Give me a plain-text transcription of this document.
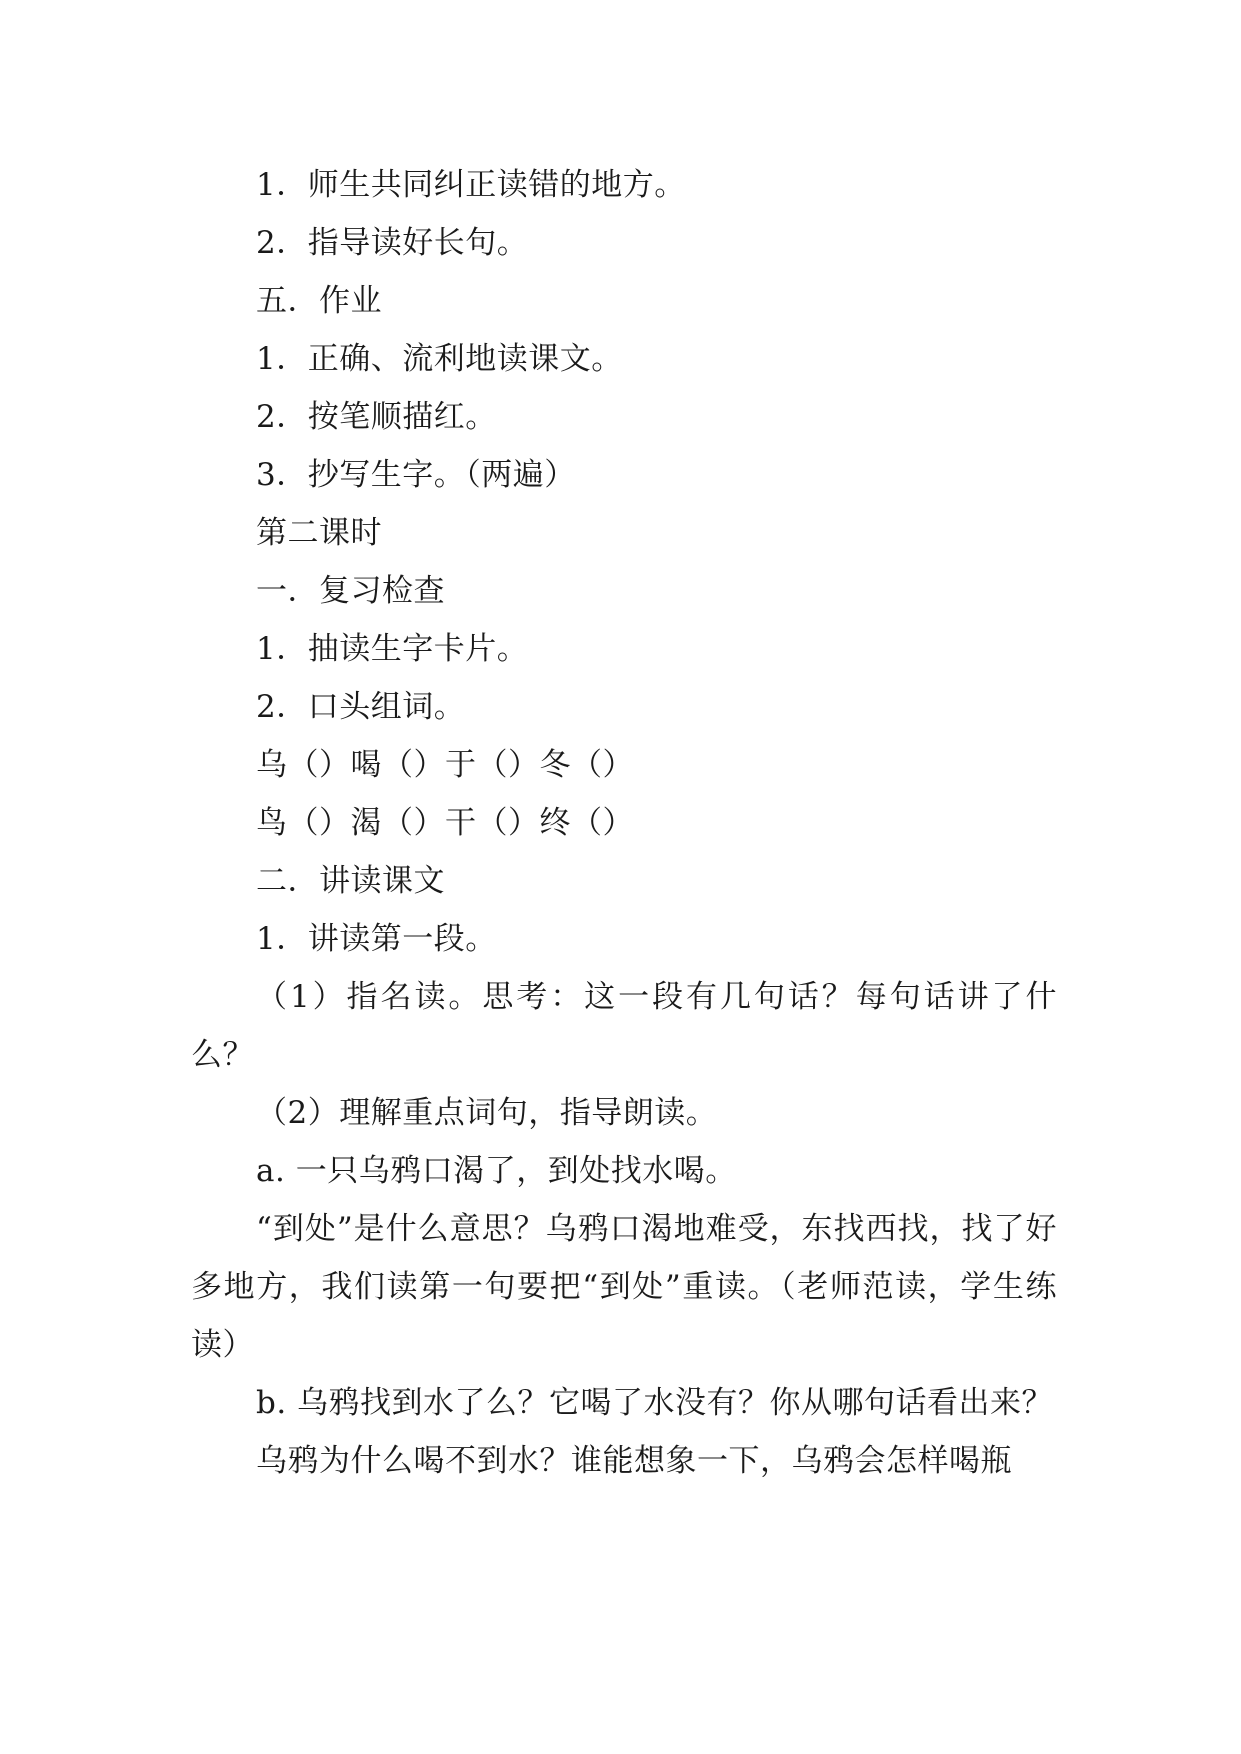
1．师生共同纠正读错的地方。

2．指导读好长句。

五．作业

1．正确、流利地读课文。

2．按笔顺描红。

3．抄写生字。（两遍）

第二课时

一．复习检查

1．抽读生字卡片。

2．口头组词。

乌（）喝（）于（）冬（）

鸟（）渴（）干（）终（）

二．讲读课文

1．讲读第一段。

（1）指名读。思考：这一段有几句话？每句话讲了什么？

（2）理解重点词句，指导朗读。

a. 一只乌鸦口渴了，到处找水喝。

“到处”是什么意思？乌鸦口渴地难受，东找西找，找了好多地方，我们读第一句要把“到处”重读。（老师范读，学生练读）

b. 乌鸦找到水了么？它喝了水没有？你从哪句话看出来？

乌鸦为什么喝不到水？谁能想象一下，乌鸦会怎样喝瓶
